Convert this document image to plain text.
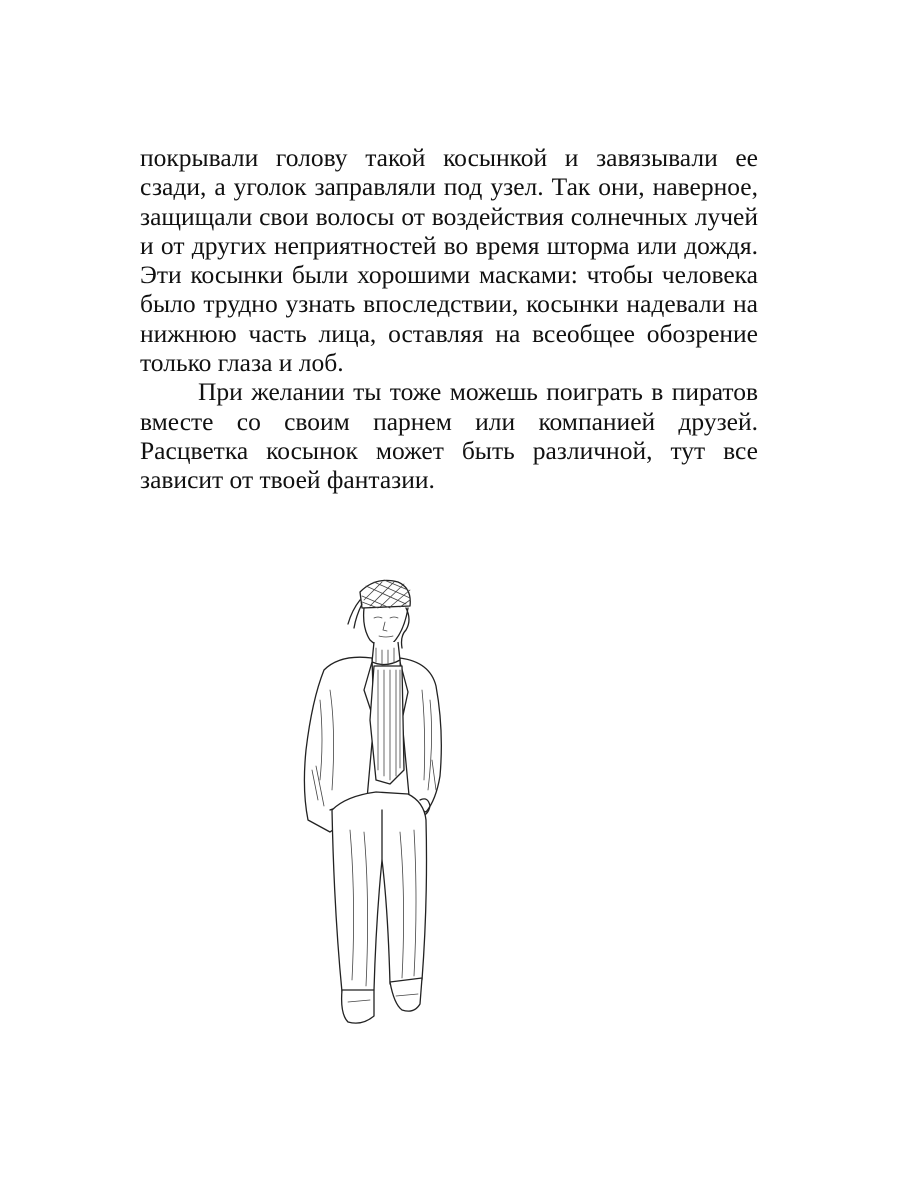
покрывали голову такой косынкой и завязывали ее сзади, а уголок заправляли под узел. Так они, наверное, защищали свои волосы от воздействия солнечных лучей и от других неприятностей во время шторма или дождя. Эти косынки были хорошими масками: чтобы человека было трудно узнать впоследствии, косынки надевали на нижнюю часть лица, оставляя на всеобщее обозрение только глаза и лоб.

При желании ты тоже можешь поиграть в пиратов вместе со своим парнем или компанией друзей. Расцветка косынок может быть различной, тут все зависит от твоей фантазии.
